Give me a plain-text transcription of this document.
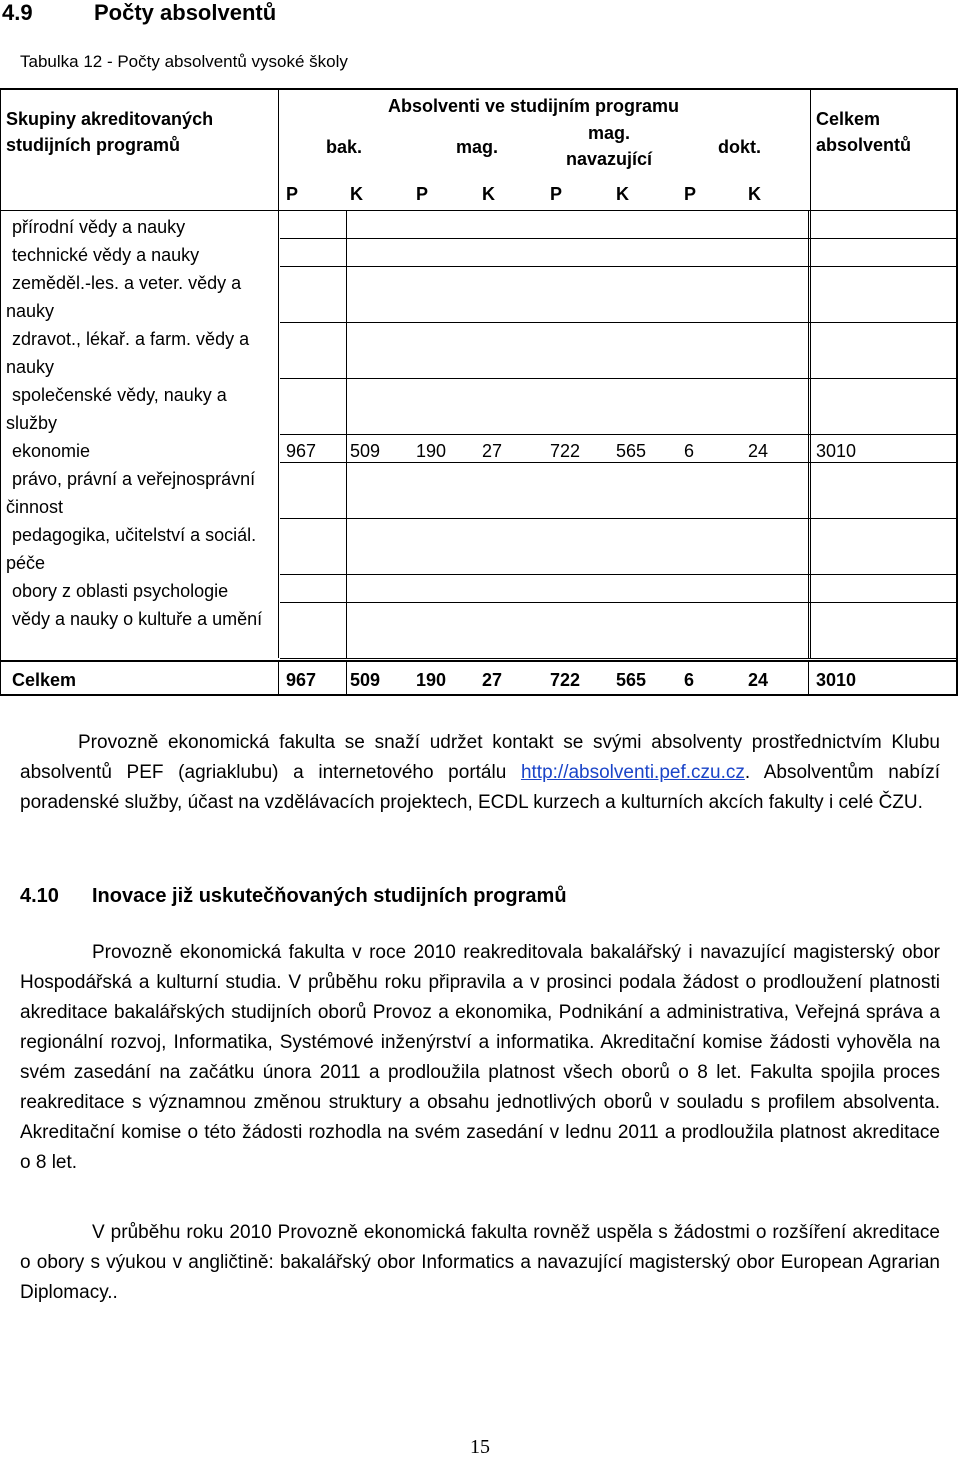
4.9	Počty absolventů
Tabulka 12 - Počty absolventů vysoké školy
Skupiny akreditovaných studijních programů
Absolventi ve studijním programu
Celkem absolventů
bak.	mag.
mag. navazující
dokt.
P	K	P	K	P	K	P	K
přírodní vědy a nauky
technické vědy a nauky
zeměděl.-les. a veter. vědy a nauky
zdravot., lékař. a farm. vědy a nauky
společenské vědy, nauky a služby
ekonomie	967 509 190 27	722 565 6	24	3010
právo, právní a veřejnosprávní činnost
pedagogika, učitelství a sociál. péče
obory z oblasti psychologie
vědy a nauky o kultuře a umění
Celkem	967 509 190 27	722 565 6	24	3010

Provozně ekonomická fakulta se snaží udržet kontakt se svými absolventy prostřednictvím Klubu absolventů PEF (agriaklubu) a internetového portálu http://absolventi.pef.czu.cz. Absolventům nabízí poradenské služby, účast na vzdělávacích projektech, ECDL kurzech a kulturních akcích fakulty i celé ČZU.

4.10 Inovace již uskutečňovaných studijních programů

Provozně ekonomická fakulta v roce 2010 reakreditovala bakalářský i navazující magisterský obor Hospodářská a kulturní studia. V průběhu roku připravila a v prosinci podala žádost o prodloužení platnosti akreditace bakalářských studijních oborů Provoz a ekonomika, Podnikání a administrativa, Veřejná správa a regionální rozvoj, Informatika, Systémové inženýrství a informatika. Akreditační komise žádosti vyhověla na svém zasedání na začátku února 2011 a prodloužila platnost všech oborů o 8 let. Fakulta spojila proces reakreditace s významnou změnou struktury a obsahu jednotlivých oborů v souladu s profilem absolventa. Akreditační komise o této žádosti rozhodla na svém zasedání v lednu 2011 a prodloužila platnost akreditace o 8 let.

V průběhu roku 2010 Provozně ekonomická fakulta rovněž uspěla s žádostmi o rozšíření akreditace o obory s výukou v angličtině: bakalářský obor Informatics a navazující magisterský obor European Agrarian Diplomacy..

15
